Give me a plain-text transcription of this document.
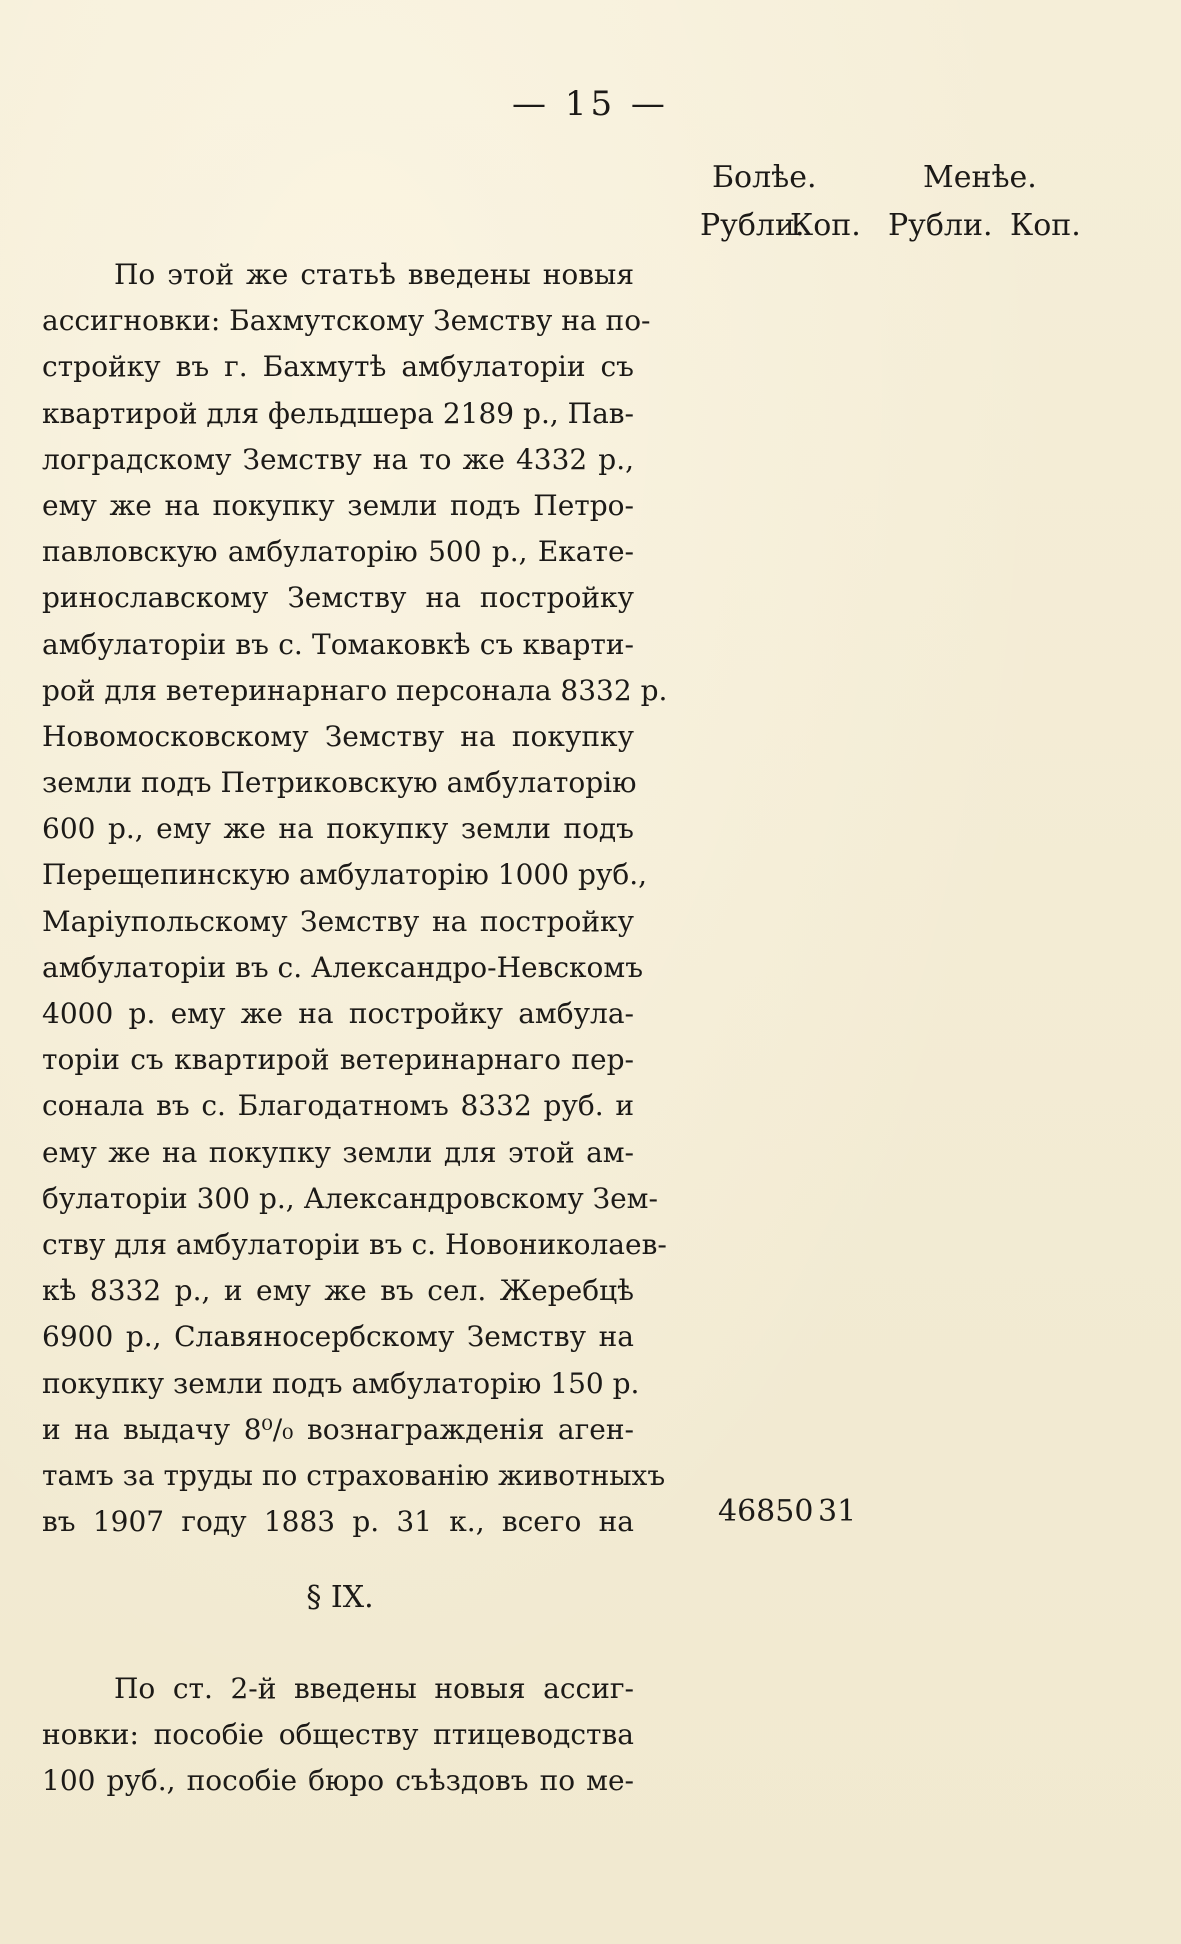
— 15 —
Болѣе.	Менѣе.
Рубли.
Коп. Рубли. Коп.
По этой же статьѣ введены новыя
ассигновки: Бахмутскому Земству на по-
стройку въ г. Бахмутѣ амбулаторіи съ
квартирой для фельдшера 2189 р., Пав-
лоградскому Земству на то же 4332 р.,
ему же на покупку земли подъ Петро-
павловскую амбулаторію 500 р., Екате-
ринославскому Земству на постройку
амбулаторіи въ с. Томаковкѣ съ кварти-
рой для ветеринарнаго персонала 8332 р.
Новомосковскому Земству на покупку
земли подъ Петриковскую амбулаторію
600 р., ему же на покупку земли подъ
Перещепинскую амбулаторію 1000 руб.,
Маріупольскому Земству на постройку
амбулаторіи въ с. Александро-Невскомъ
4000 р. ему же на постройку амбула-
торіи съ квартирой ветеринарнаго пер-
сонала въ с. Благодатномъ 8332 руб. и
ему же на покупку земли для этой ам-
булаторіи 300 р., Александровскому Зем-
ству для амбулаторіи въ с. Новониколаев-
кѣ 8332 р., и ему же въ сел. Жеребцѣ
6900 р., Славяносербскому Земству на
покупку земли подъ амбулаторію 150 р.
и на выдачу 8⁰/₀ вознагражденія аген-
тамъ за труды по страхованію животныхъ
въ 1907 году 1883 р. 31 к., всего на	46850 31
§ IX.
По ст. 2-й введены новыя ассиг-
новки: пособіе обществу птицеводства
100 руб., пособіе бюро съѣздовъ по ме-
